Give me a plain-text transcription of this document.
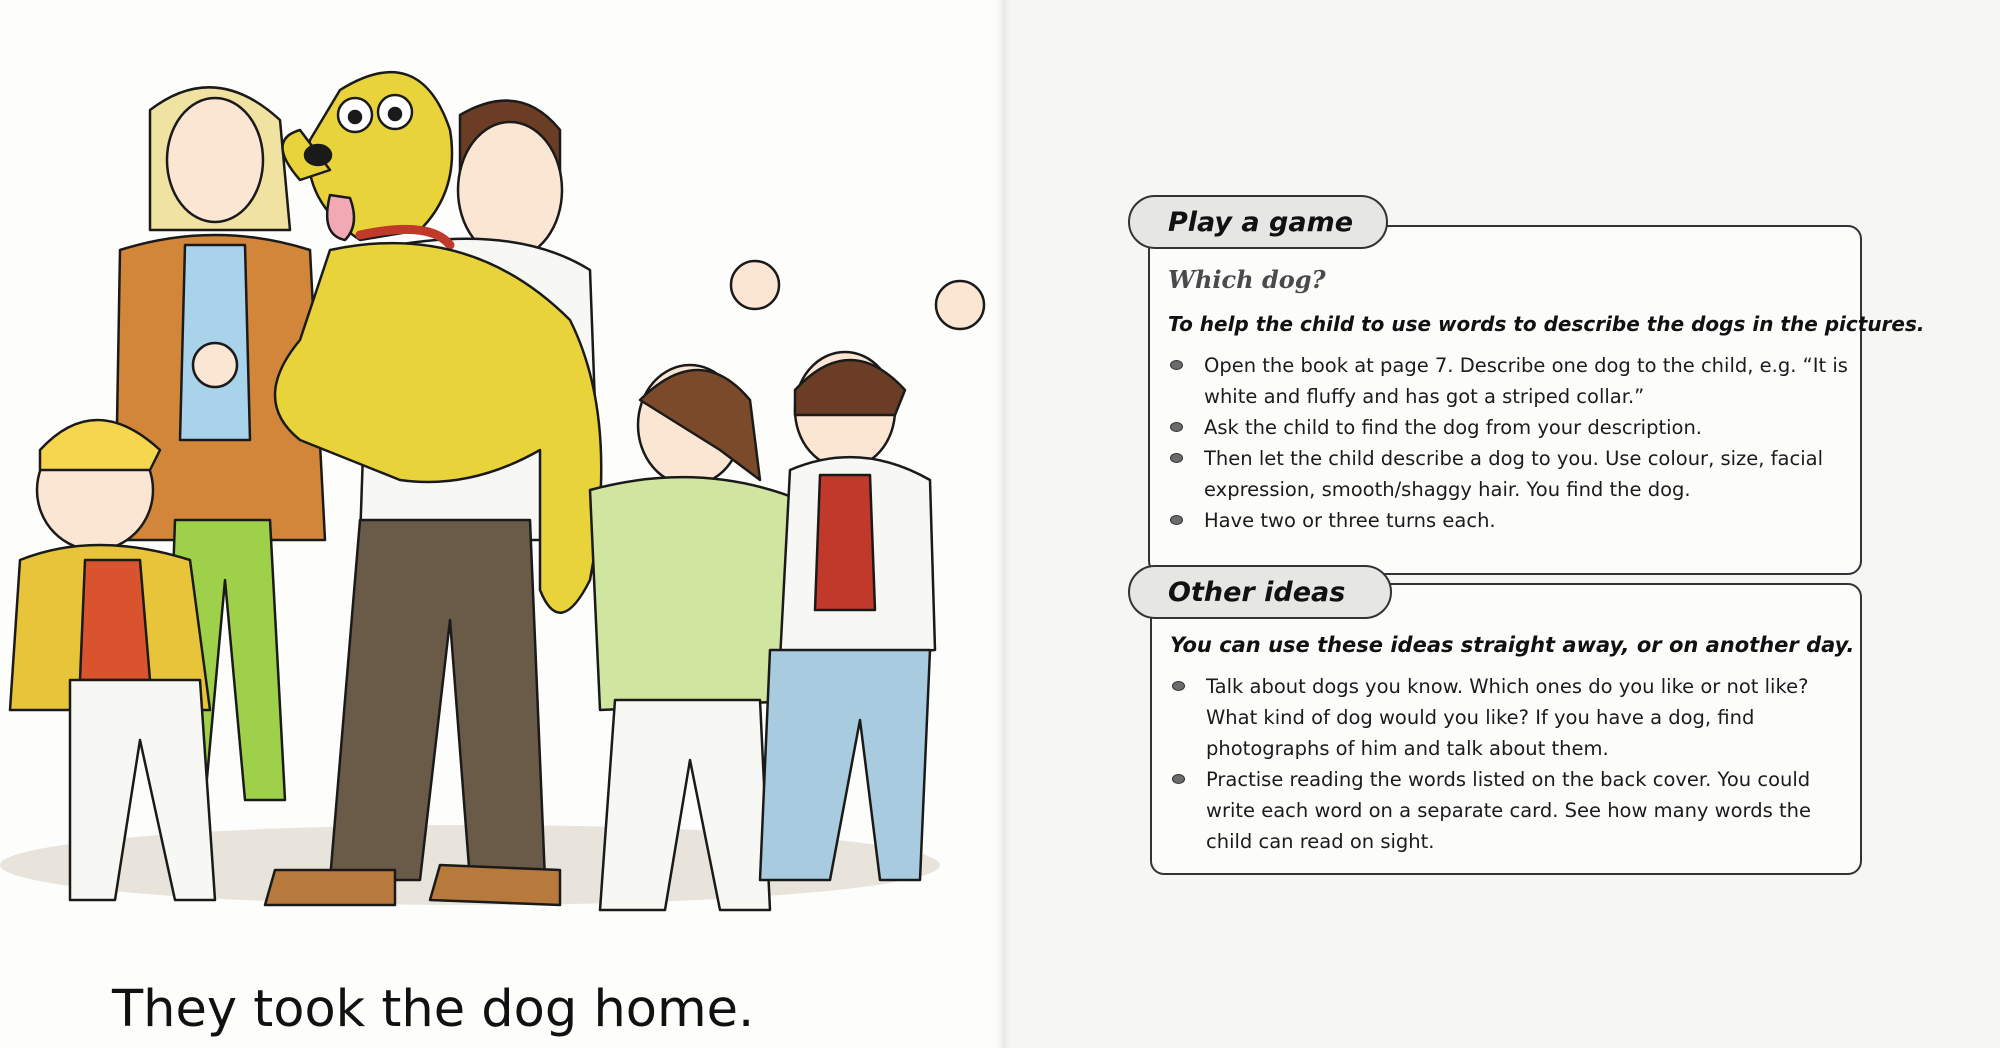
They took the dog home.
Play a game
Which dog?
To help the child to use words to describe the dogs in the pictures.
Open the book at page 7. Describe one dog to the child, e.g. “It is white and fluffy and has got a striped collar.”
Ask the child to find the dog from your description.
Then let the child describe a dog to you. Use colour, size, facial expression, smooth/shaggy hair. You find the dog.
Have two or three turns each.
Other ideas
You can use these ideas straight away, or on another day.
Talk about dogs you know. Which ones do you like or not like? What kind of dog would you like? If you have a dog, find photographs of him and talk about them.
Practise reading the words listed on the back cover. You could write each word on a separate card. See how many words the child can read on sight.
